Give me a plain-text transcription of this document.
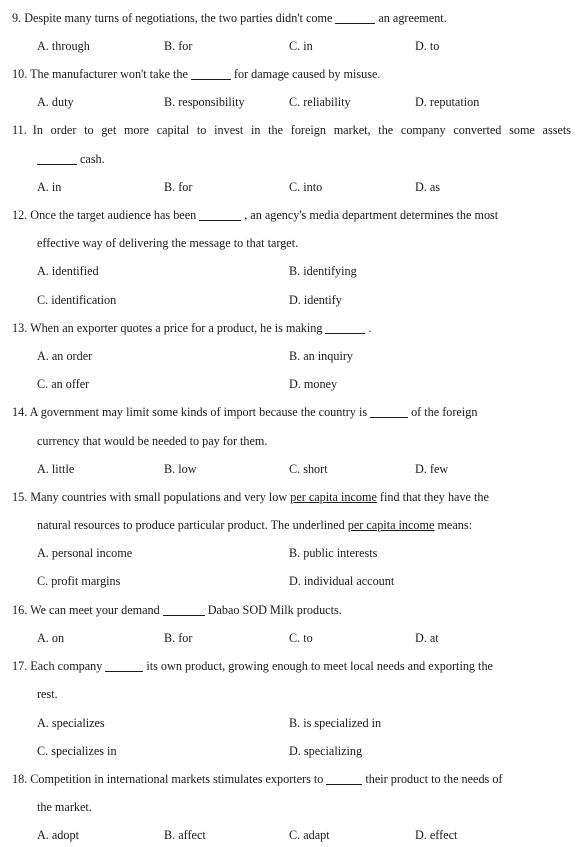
9. Despite many turns of negotiations, the two parties didn't come	an agreement.
A. through	B. for	C. in	D. to
10. The manufacturer won't take the	for damage caused by misuse.
A. duty	B. responsibility	C. reliability	D. reputation
11. In order to get more capital to invest in the foreign market, the company converted some assets
cash.
A. in	B. for	C. into	D. as
12. Once the target audience has been	, an agency's media department determines the most
effective way of delivering the message to that target.
A. identified	B. identifying
C. identification	D. identify
13. When an exporter quotes a price for a product, he is making	.
A. an order	B. an inquiry
C. an offer	D. money
14. A government may limit some kinds of import because the country is	of the foreign
currency that would be needed to pay for them.
A. little	B. low	C. short	D. few
15. Many countries with small populations and very low per capita income find that they have the
natural resources to produce particular product. The underlined per capita income means:
A. personal income	B. public interests
C. profit margins	D. individual account
16. We can meet your demand	Dabao SOD Milk products.
A. on	B. for	C. to	D. at
17. Each company	its own product, growing enough to meet local needs and exporting the
rest.
A. specializes	B. is specialized in
C. specializes in	D. specializing
18. Competition in international markets stimulates exporters to	their product to the needs of
the market.
A. adopt	B. affect	C. adapt	D. effect
